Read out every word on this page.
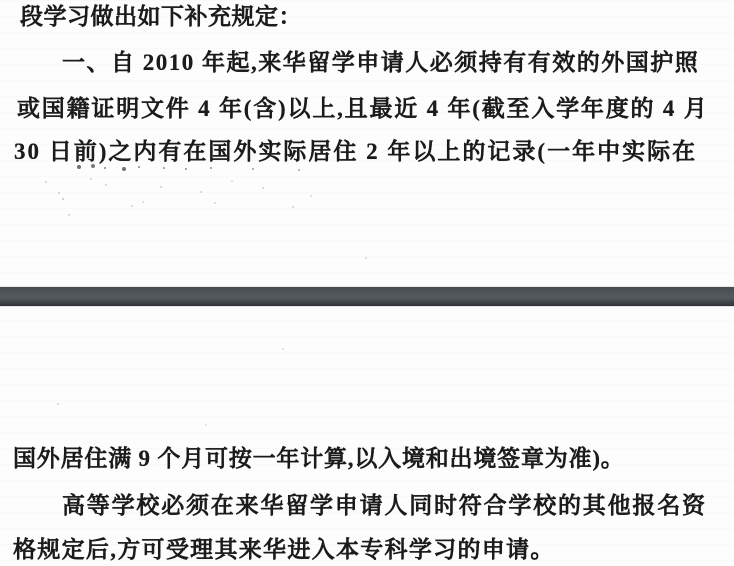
段学习做出如下补充规定：
一、自 2010 年起,来华留学申请人必须持有有效的外国护照
或国籍证明文件 4 年(含)以上,且最近 4 年(截至入学年度的 4 月
30 日前)之内有在国外实际居住 2 年以上的记录(一年中实际在
国外居住满 9 个月可按一年计算,以入境和出境签章为准)。
高等学校必须在来华留学申请人同时符合学校的其他报名资
格规定后,方可受理其来华进入本专科学习的申请。
